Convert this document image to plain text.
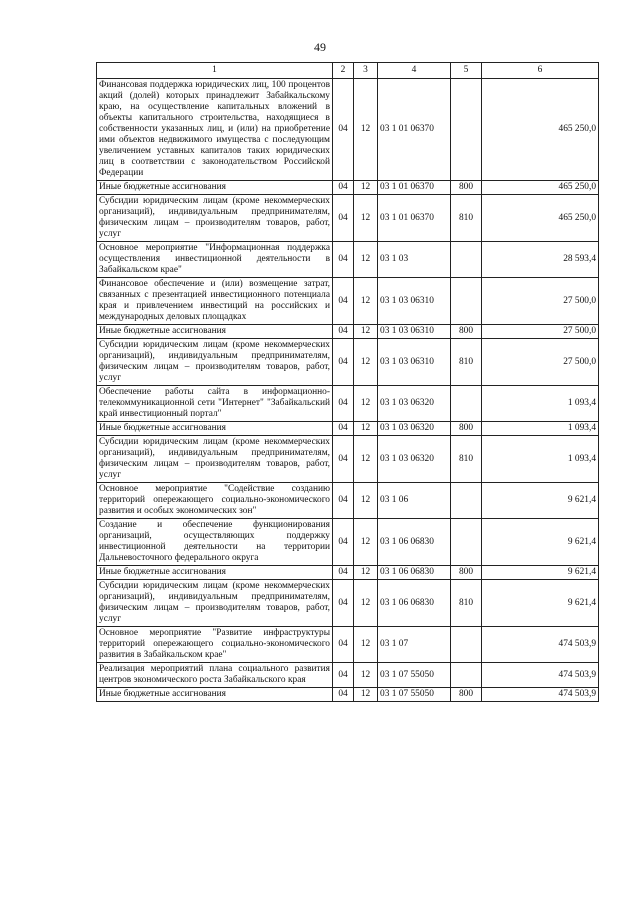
49
1	2	3	4	5	6
Финансовая поддержка юридических лиц, 100 процентов акций (долей) которых принадлежит Забайкальскому краю, на осуществление капитальных вложений в объекты капитального строительства, находящиеся в собственности указанных лиц, и (или) на приобретение ими объектов недвижимого имущества с последующим увеличением уставных капиталов таких юридических лиц в соответствии с законодательством Российской Федерации	04	12	03 1 01 06370		465 250,0
Иные бюджетные ассигнования	04	12	03 1 01 06370	800	465 250,0
Субсидии юридическим лицам (кроме некоммерческих организаций), индивидуальным предпринимателям, физическим лицам – производителям товаров, работ, услуг	04	12	03 1 01 06370	810	465 250,0
Основное мероприятие "Информационная поддержка осуществления инвестиционной деятельности в Забайкальском крае"	04	12	03 1 03		28 593,4
Финансовое обеспечение и (или) возмещение затрат, связанных с презентацией инвестиционного потенциала края и привлечением инвестиций на российских и международных деловых площадках	04	12	03 1 03 06310		27 500,0
Иные бюджетные ассигнования	04	12	03 1 03 06310	800	27 500,0
Субсидии юридическим лицам (кроме некоммерческих организаций), индивидуальным предпринимателям, физическим лицам – производителям товаров, работ, услуг	04	12	03 1 03 06310	810	27 500,0
Обеспечение работы сайта в информационно-телекоммуникационной сети "Интернет" "Забайкальский край инвестиционный портал"	04	12	03 1 03 06320		1 093,4
Иные бюджетные ассигнования	04	12	03 1 03 06320	800	1 093,4
Субсидии юридическим лицам (кроме некоммерческих организаций), индивидуальным предпринимателям, физическим лицам – производителям товаров, работ, услуг	04	12	03 1 03 06320	810	1 093,4
Основное мероприятие "Содействие созданию территорий опережающего социально-экономического развития и особых экономических зон"	04	12	03 1 06		9 621,4
Создание и обеспечение функционирования организаций, осуществляющих поддержку инвестиционной деятельности на территории Дальневосточного федерального округа	04	12	03 1 06 06830		9 621,4
Иные бюджетные ассигнования	04	12	03 1 06 06830	800	9 621,4
Субсидии юридическим лицам (кроме некоммерческих организаций), индивидуальным предпринимателям, физическим лицам – производителям товаров, работ, услуг	04	12	03 1 06 06830	810	9 621,4
Основное мероприятие "Развитие инфраструктуры территорий опережающего социально-экономического развития в Забайкальском крае"	04	12	03 1 07		474 503,9
Реализация мероприятий плана социального развития центров экономического роста Забайкальского края	04	12	03 1 07 55050		474 503,9
Иные бюджетные ассигнования	04	12	03 1 07 55050	800	474 503,9
